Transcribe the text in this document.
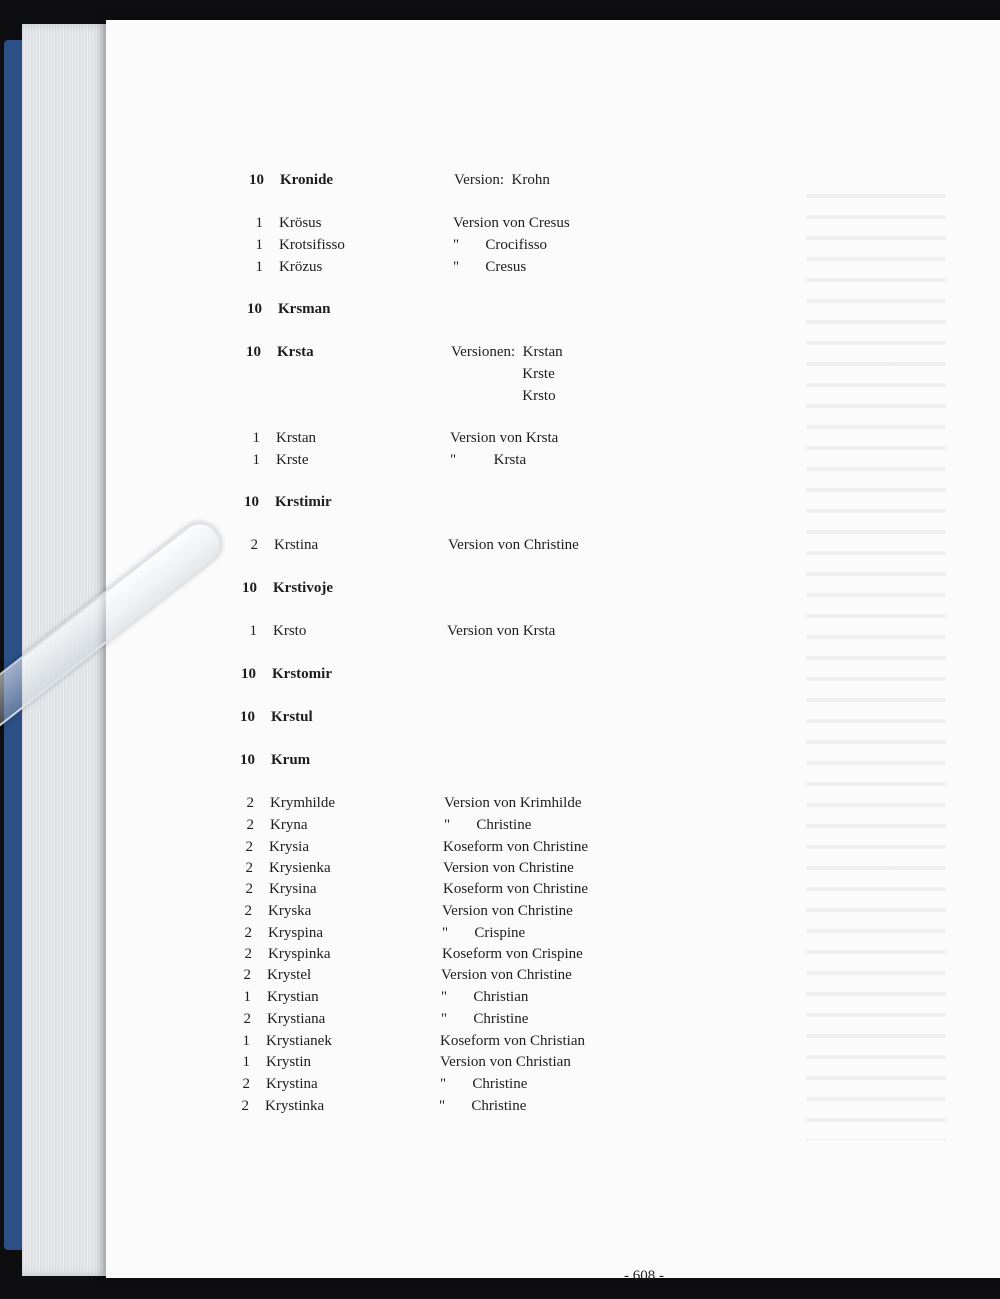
10 Kronide	Version:  Krohn
1 Krösus	Version von Cresus
1 Krotsifisso	"       Crocifisso
1 Krözus	"       Cresus
10 Krsman
10 Krsta	Versionen:  Krstan
Krste
Krsto
1 Krstan	Version von Krsta
1 Krste	"          Krsta
10 Krstimir
2 Krstina	Version von Christine
10 Krstivoje
1 Krsto	Version von Krsta
10 Krstomir
10 Krstul
10 Krum
2 Krymhilde	Version von Krimhilde
2 Kryna	"       Christine
2 Krysia	Koseform von Christine
2 Krysienka	Version von Christine
2 Krysina	Koseform von Christine
2 Kryska	Version von Christine
2 Kryspina	"       Crispine
2 Kryspinka	Koseform von Crispine
2 Krystel	Version von Christine
1 Krystian	"       Christian
2 Krystiana	"       Christine
1 Krystianek	Koseform von Christian
1 Krystin	Version von Christian
2 Krystina	"       Christine
2 Krystinka	"       Christine
- 608 -
